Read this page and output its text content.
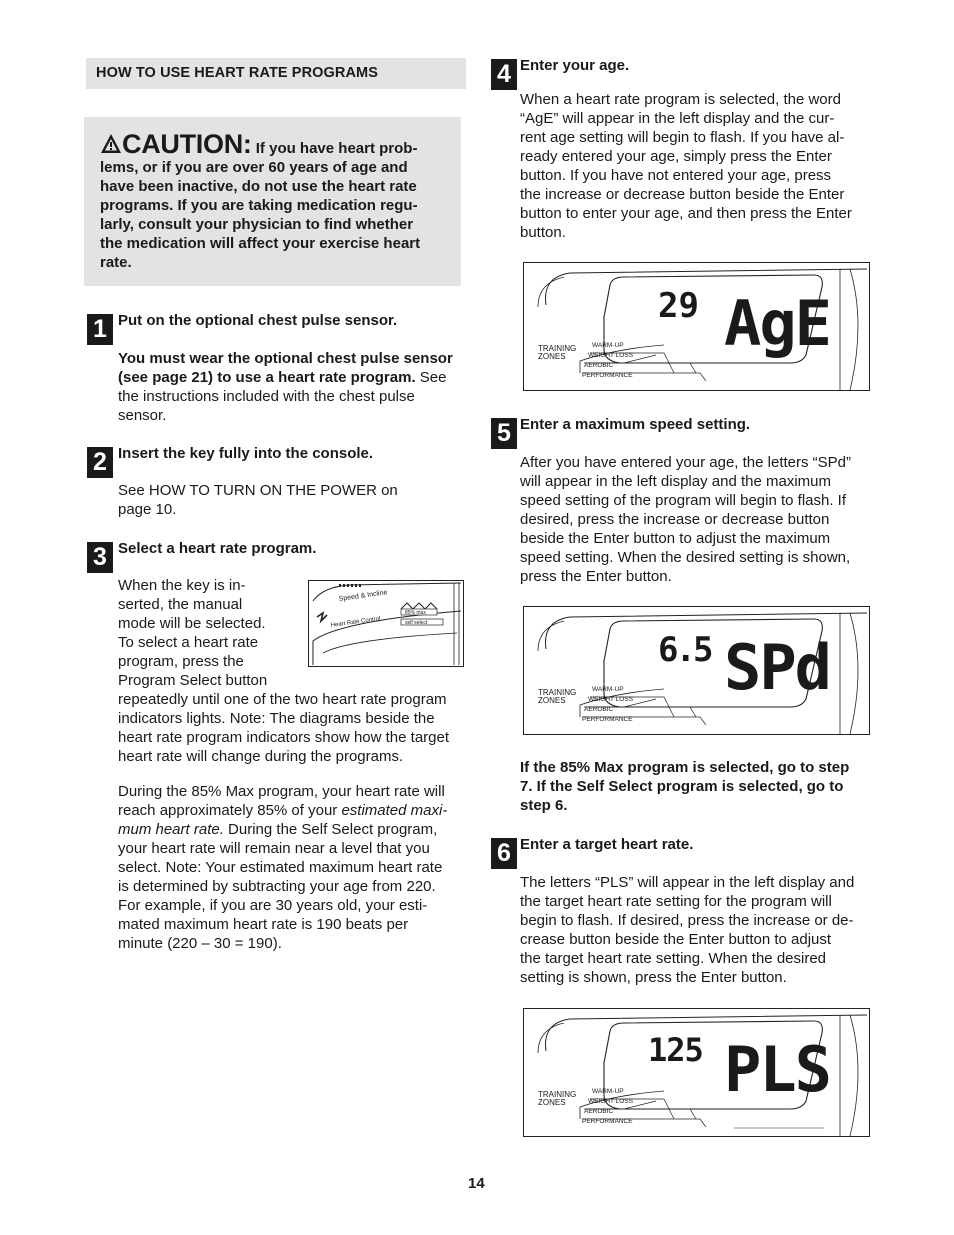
HOW TO USE HEART RATE PROGRAMS
CAUTION: If you have heart prob-
lems, or if you are over 60 years of age and
have been inactive, do not use the heart rate
programs. If you are taking medication regu-
larly, consult your physician to find whether
the medication will affect your exercise heart
rate.
1 Put on the optional chest pulse sensor.
You must wear the optional chest pulse sensor
(see page 21) to use a heart rate program. See
the instructions included with the chest pulse
sensor.
2 Insert the key fully into the console.
See HOW TO TURN ON THE POWER on
page 10.
3 Select a heart rate program.
When the key is in-
serted, the manual
mode will be selected.
To select a heart rate
program, press the
Program Select button
repeatedly until one of the two heart rate program
indicators lights. Note: The diagrams beside the
heart rate program indicators show how the target
heart rate will change during the programs.
Speed & Incline
Heart Rate Control
85% max
self select
During the 85% Max program, your heart rate will
reach approximately 85% of your estimated maxi-
mum heart rate. During the Self Select program,
your heart rate will remain near a level that you
select. Note: Your estimated maximum heart rate
is determined by subtracting your age from 220.
For example, if you are 30 years old, your esti-
mated maximum heart rate is 190 beats per
minute (220 – 30 = 190).
4 Enter your age.
When a heart rate program is selected, the word
“AgE” will appear in the left display and the cur-
rent age setting will begin to flash. If you have al-
ready entered your age, simply press the Enter
button. If you have not entered your age, press
the increase or decrease button beside the Enter
button to enter your age, and then press the Enter
button.
29 AgE
TRAINING
ZONES
WARM-UP
WEIGHT LOSS
AEROBIC
PERFORMANCE
5 Enter a maximum speed setting.
After you have entered your age, the letters “SPd”
will appear in the left display and the maximum
speed setting of the program will begin to flash. If
desired, press the increase or decrease button
beside the Enter button to adjust the maximum
speed setting. When the desired setting is shown,
press the Enter button.
6.5 SPd
TRAINING
ZONES
WARM-UP
WEIGHT LOSS
AEROBIC
PERFORMANCE
If the 85% Max program is selected, go to step
7. If the Self Select program is selected, go to
step 6.
6 Enter a target heart rate.
The letters “PLS” will appear in the left display and
the target heart rate setting for the program will
begin to flash. If desired, press the increase or de-
crease button beside the Enter button to adjust
the target heart rate setting. When the desired
setting is shown, press the Enter button.
125 PLS
TRAINING
ZONES
WARM-UP
WEIGHT LOSS
AEROBIC
PERFORMANCE
14
